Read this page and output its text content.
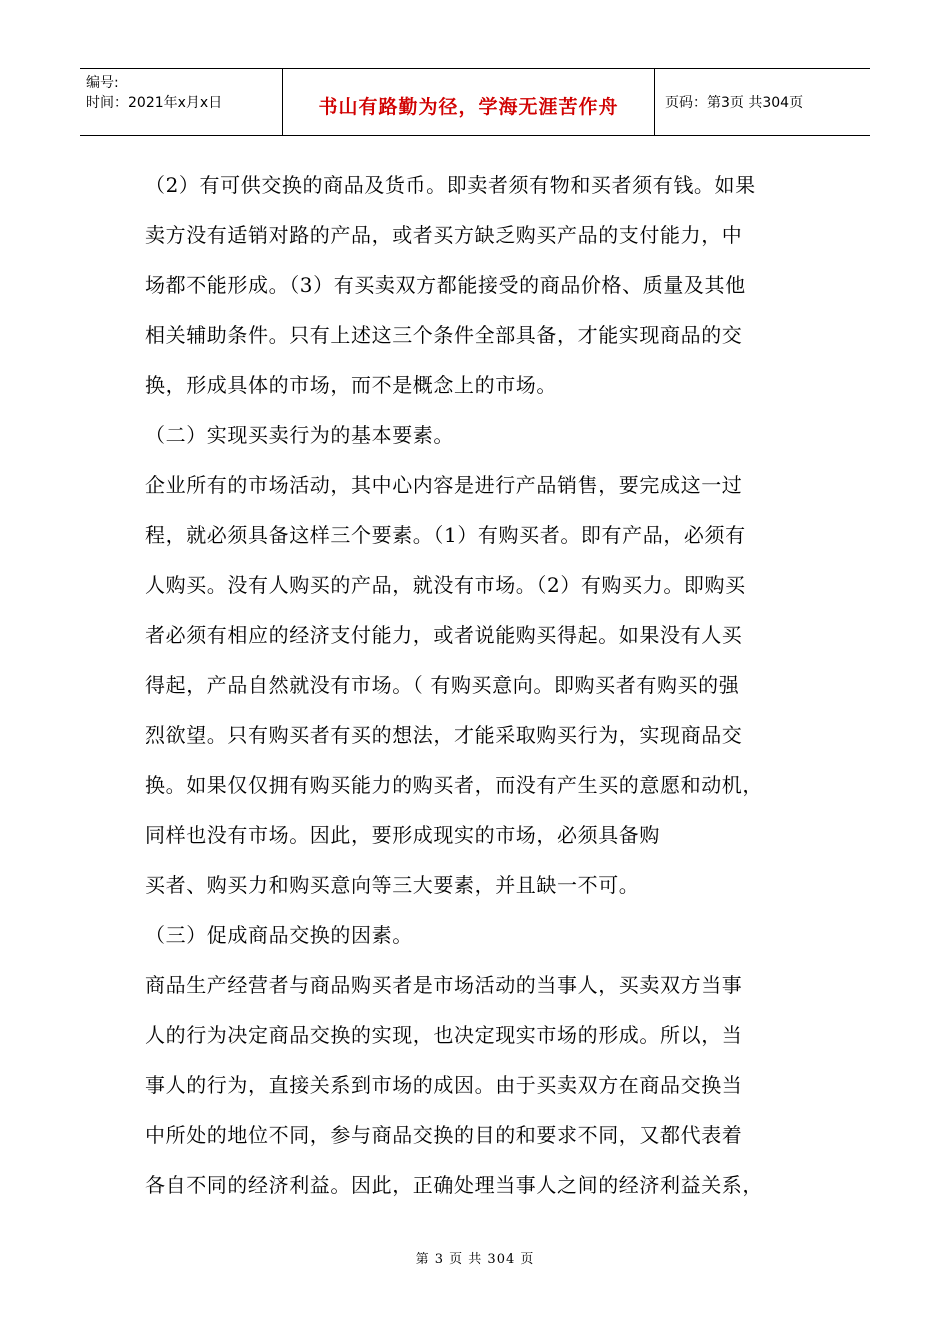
编号:
时间：2021年x月x日	书山有路勤为径，学海无涯苦作舟	页码：第3页 共304页
（2）有可供交换的商品及货币。即卖者须有物和买者须有钱。如果
卖方没有适销对路的产品，或者买方缺乏购买产品的支付能力，中
场都不能形成。（3）有买卖双方都能接受的商品价格、质量及其他
相关辅助条件。只有上述这三个条件全部具备，才能实现商品的交
换，形成具体的市场，而不是概念上的市场。
（二）实现买卖行为的基本要素。
企业所有的市场活动，其中心内容是进行产品销售，要完成这一过
程，就必须具备这样三个要素。（1）有购买者。即有产品，必须有
人购买。没有人购买的产品，就没有市场。（2）有购买力。即购买
者必须有相应的经济支付能力，或者说能购买得起。如果没有人买
得起，产品自然就没有市场。（ 有购买意向。即购买者有购买的强
烈欲望。只有购买者有买的想法，才能采取购买行为，实现商品交
换。如果仅仅拥有购买能力的购买者，而没有产生买的意愿和动机，
同样也没有市场。因此，要形成现实的市场，必须具备购
买者、购买力和购买意向等三大要素，并且缺一不可。
（三）促成商品交换的因素。
商品生产经营者与商品购买者是市场活动的当事人，买卖双方当事
人的行为决定商品交换的实现，也决定现实市场的形成。所以，当
事人的行为，直接关系到市场的成因。由于买卖双方在商品交换当
中所处的地位不同，参与商品交换的目的和要求不同，又都代表着
各自不同的经济利益。因此，正确处理当事人之间的经济利益关系，
第 3 页 共 304 页
